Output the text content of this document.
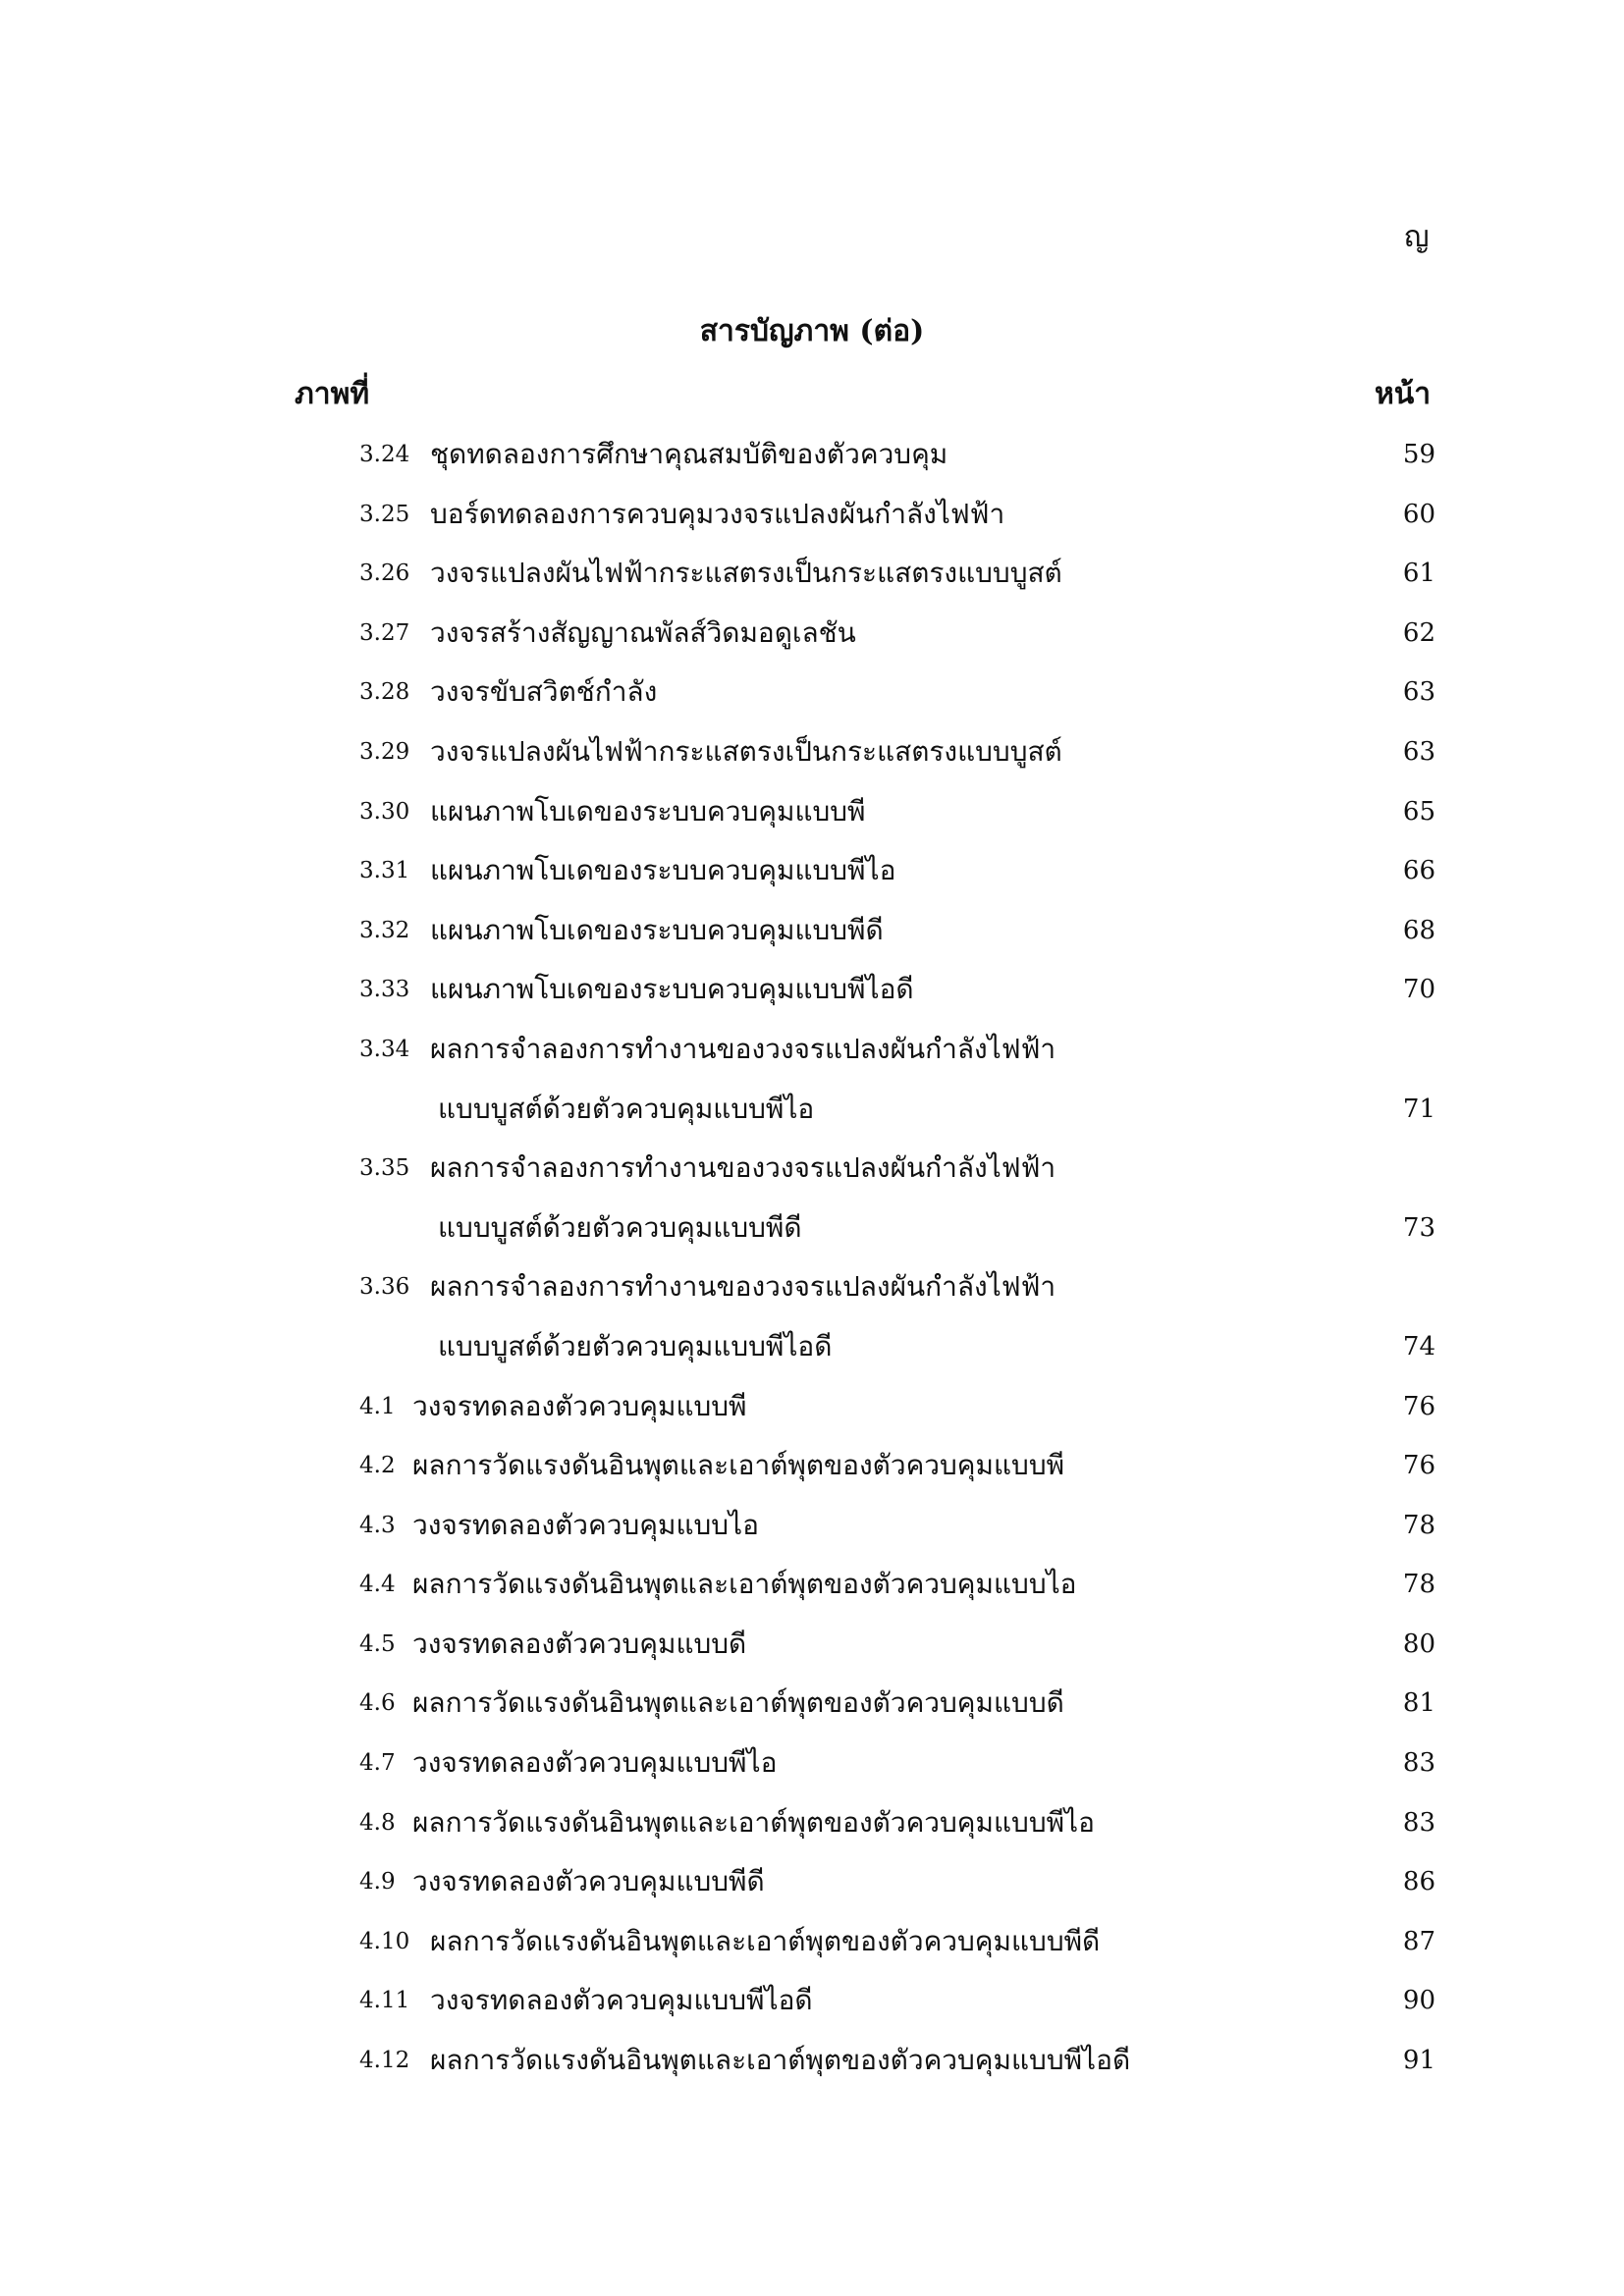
ญ
สารบัญภาพ (ต่อ)
ภาพที่	หน้า
3.24 ชุดทดลองการศึกษาคุณสมบัติของตัวควบคุม	59
3.25 บอร์ดทดลองการควบคุมวงจรแปลงผันกำลังไฟฟ้า	60
3.26 วงจรแปลงผันไฟฟ้ากระแสตรงเป็นกระแสตรงแบบบูสต์	61
3.27 วงจรสร้างสัญญาณพัลส์วิดมอดูเลชัน	62
3.28 วงจรขับสวิตช์กำลัง	63
3.29 วงจรแปลงผันไฟฟ้ากระแสตรงเป็นกระแสตรงแบบบูสต์	63
3.30 แผนภาพโบเดของระบบควบคุมแบบพี	65
3.31 แผนภาพโบเดของระบบควบคุมแบบพีไอ	66
3.32 แผนภาพโบเดของระบบควบคุมแบบพีดี	68
3.33 แผนภาพโบเดของระบบควบคุมแบบพีไอดี	70
3.34 ผลการจำลองการทำงานของวงจรแปลงผันกำลังไฟฟ้า
แบบบูสต์ด้วยตัวควบคุมแบบพีไอ	71
3.35 ผลการจำลองการทำงานของวงจรแปลงผันกำลังไฟฟ้า
แบบบูสต์ด้วยตัวควบคุมแบบพีดี	73
3.36 ผลการจำลองการทำงานของวงจรแปลงผันกำลังไฟฟ้า
แบบบูสต์ด้วยตัวควบคุมแบบพีไอดี	74
4.1 วงจรทดลองตัวควบคุมแบบพี	76
4.2 ผลการวัดแรงดันอินพุตและเอาต์พุตของตัวควบคุมแบบพี	76
4.3 วงจรทดลองตัวควบคุมแบบไอ	78
4.4 ผลการวัดแรงดันอินพุตและเอาต์พุตของตัวควบคุมแบบไอ	78
4.5 วงจรทดลองตัวควบคุมแบบดี	80
4.6 ผลการวัดแรงดันอินพุตและเอาต์พุตของตัวควบคุมแบบดี	81
4.7 วงจรทดลองตัวควบคุมแบบพีไอ	83
4.8 ผลการวัดแรงดันอินพุตและเอาต์พุตของตัวควบคุมแบบพีไอ	83
4.9 วงจรทดลองตัวควบคุมแบบพีดี	86
4.10 ผลการวัดแรงดันอินพุตและเอาต์พุตของตัวควบคุมแบบพีดี	87
4.11 วงจรทดลองตัวควบคุมแบบพีไอดี	90
4.12 ผลการวัดแรงดันอินพุตและเอาต์พุตของตัวควบคุมแบบพีไอดี	91
